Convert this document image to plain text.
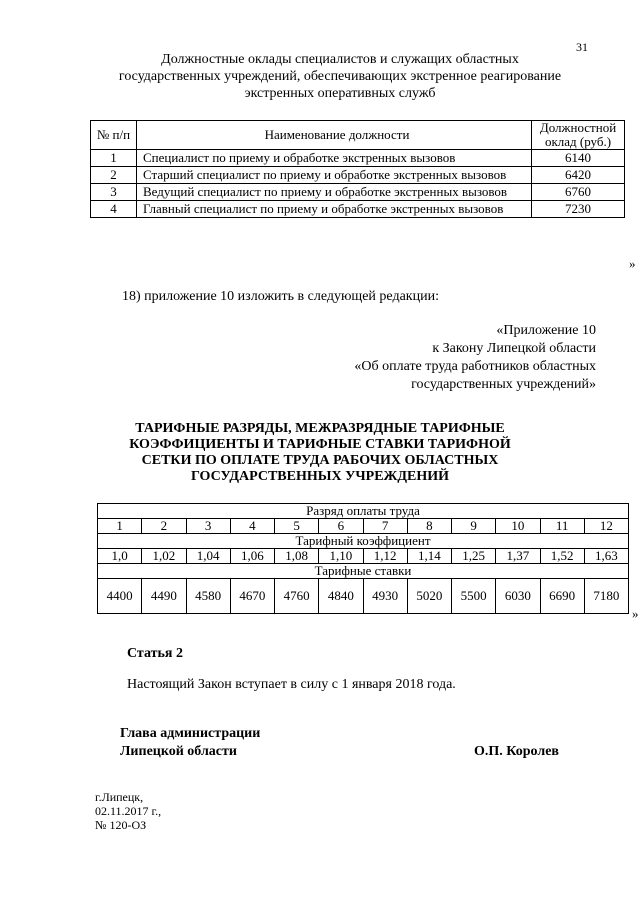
31
Должностные оклады специалистов и служащих областных
государственных учреждений, обеспечивающих экстренное реагирование
экстренных оперативных служб
№ п/п	Наименование должности	Должностной оклад (руб.)
1	Специалист по приему и обработке экстренных вызовов	6140
2	Старший специалист по приему и обработке экстренных вызовов	6420
3	Ведущий специалист по приему и обработке экстренных вызовов	6760
4	Главный специалист по приему и обработке экстренных вызовов	7230
»
18) приложение 10 изложить в следующей редакции:
«Приложение 10
к Закону Липецкой области
«Об оплате труда работников областных
государственных учреждений»
ТАРИФНЫЕ РАЗРЯДЫ, МЕЖРАЗРЯДНЫЕ ТАРИФНЫЕ
КОЭФФИЦИЕНТЫ И ТАРИФНЫЕ СТАВКИ ТАРИФНОЙ
СЕТКИ ПО ОПЛАТЕ ТРУДА РАБОЧИХ ОБЛАСТНЫХ
ГОСУДАРСТВЕННЫХ УЧРЕЖДЕНИЙ
Разряд оплаты труда											
1	2	3	4	5	6	7	8	9	10	11	12
Тарифный коэффициент											
1,0	1,02	1,04	1,06	1,08	1,10	1,12	1,14	1,25	1,37	1,52	1,63
Тарифные ставки											
4400	4490	4580	4670	4760	4840	4930	5020	5500	6030	6690	7180
»
Статья 2
Настоящий Закон вступает в силу с 1 января 2018 года.
Глава администрации
Липецкой области	О.П. Королев
г.Липецк,
02.11.2017 г.,
№ 120-ОЗ
